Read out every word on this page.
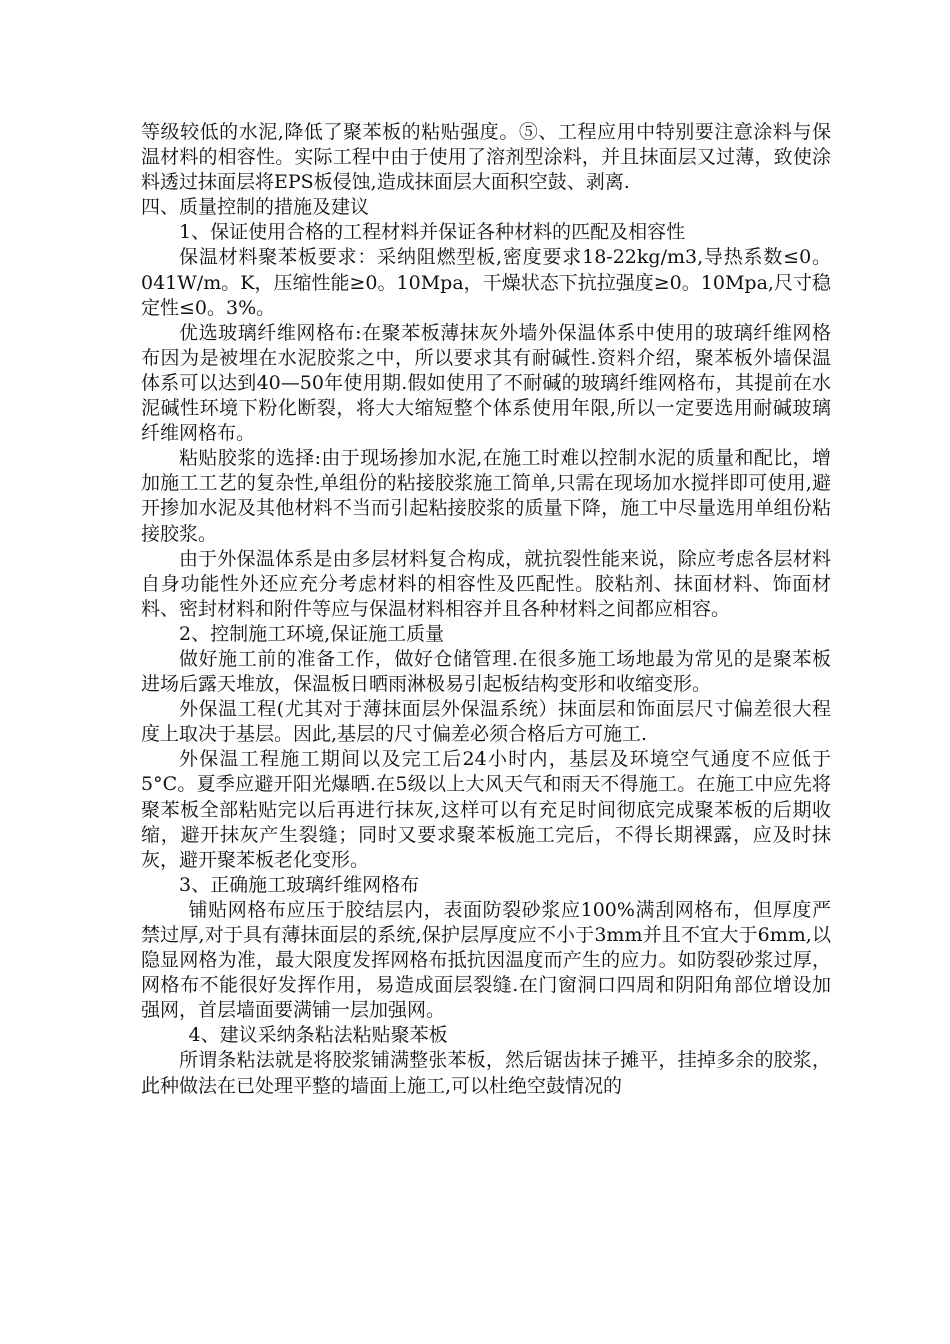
等级较低的水泥,降低了聚苯板的粘贴强度。⑤、工程应用中特别要注意涂料与保温材料的相容性。实际工程中由于使用了溶剂型涂料，并且抹面层又过薄，致使涂料透过抹面层将EPS板侵蚀,造成抹面层大面积空鼓、剥离.

四、质量控制的措施及建议

1、保证使用合格的工程材料并保证各种材料的匹配及相容性

保温材料聚苯板要求：采纳阻燃型板,密度要求18-22kg/m3,导热系数≤0。041W/m。K，压缩性能≥0。10Mpa，干燥状态下抗拉强度≥0。10Mpa,尺寸稳定性≤0。3%。

优选玻璃纤维网格布:在聚苯板薄抹灰外墙外保温体系中使用的玻璃纤维网格布因为是被埋在水泥胶浆之中，所以要求其有耐碱性.资料介绍，聚苯板外墙保温体系可以达到40—50年使用期.假如使用了不耐碱的玻璃纤维网格布，其提前在水泥碱性环境下粉化断裂，将大大缩短整个体系使用年限,所以一定要选用耐碱玻璃纤维网格布。

粘贴胶浆的选择:由于现场掺加水泥,在施工时难以控制水泥的质量和配比，增加施工工艺的复杂性,单组份的粘接胶浆施工简单,只需在现场加水搅拌即可使用,避开掺加水泥及其他材料不当而引起粘接胶浆的质量下降，施工中尽量选用单组份粘接胶浆。

由于外保温体系是由多层材料复合构成，就抗裂性能来说，除应考虑各层材料自身功能性外还应充分考虑材料的相容性及匹配性。胶粘剂、抹面材料、饰面材料、密封材料和附件等应与保温材料相容并且各种材料之间都应相容。

2、控制施工环境,保证施工质量

做好施工前的准备工作，做好仓储管理.在很多施工场地最为常见的是聚苯板进场后露天堆放，保温板日晒雨淋极易引起板结构变形和收缩变形。

外保温工程(尤其对于薄抹面层外保温系统）抹面层和饰面层尺寸偏差很大程度上取决于基层。因此,基层的尺寸偏差必须合格后方可施工.

外保温工程施工期间以及完工后24小时内，基层及环境空气通度不应低于5°C。夏季应避开阳光爆晒.在5级以上大风天气和雨天不得施工。在施工中应先将聚苯板全部粘贴完以后再进行抹灰,这样可以有充足时间彻底完成聚苯板的后期收缩，避开抹灰产生裂缝；同时又要求聚苯板施工完后，不得长期裸露，应及时抹灰，避开聚苯板老化变形。

3、正确施工玻璃纤维网格布

铺贴网格布应压于胶结层内，表面防裂砂浆应100%满刮网格布，但厚度严禁过厚,对于具有薄抹面层的系统,保护层厚度应不小于3mm并且不宜大于6mm,以隐显网格为准，最大限度发挥网格布抵抗因温度而产生的应力。如防裂砂浆过厚，网格布不能很好发挥作用，易造成面层裂缝.在门窗洞口四周和阴阳角部位增设加强网，首层墙面要满铺一层加强网。

4、建议采纳条粘法粘贴聚苯板

所谓条粘法就是将胶浆铺满整张苯板，然后锯齿抹子摊平，挂掉多余的胶浆，此种做法在已处理平整的墙面上施工,可以杜绝空鼓情况的
